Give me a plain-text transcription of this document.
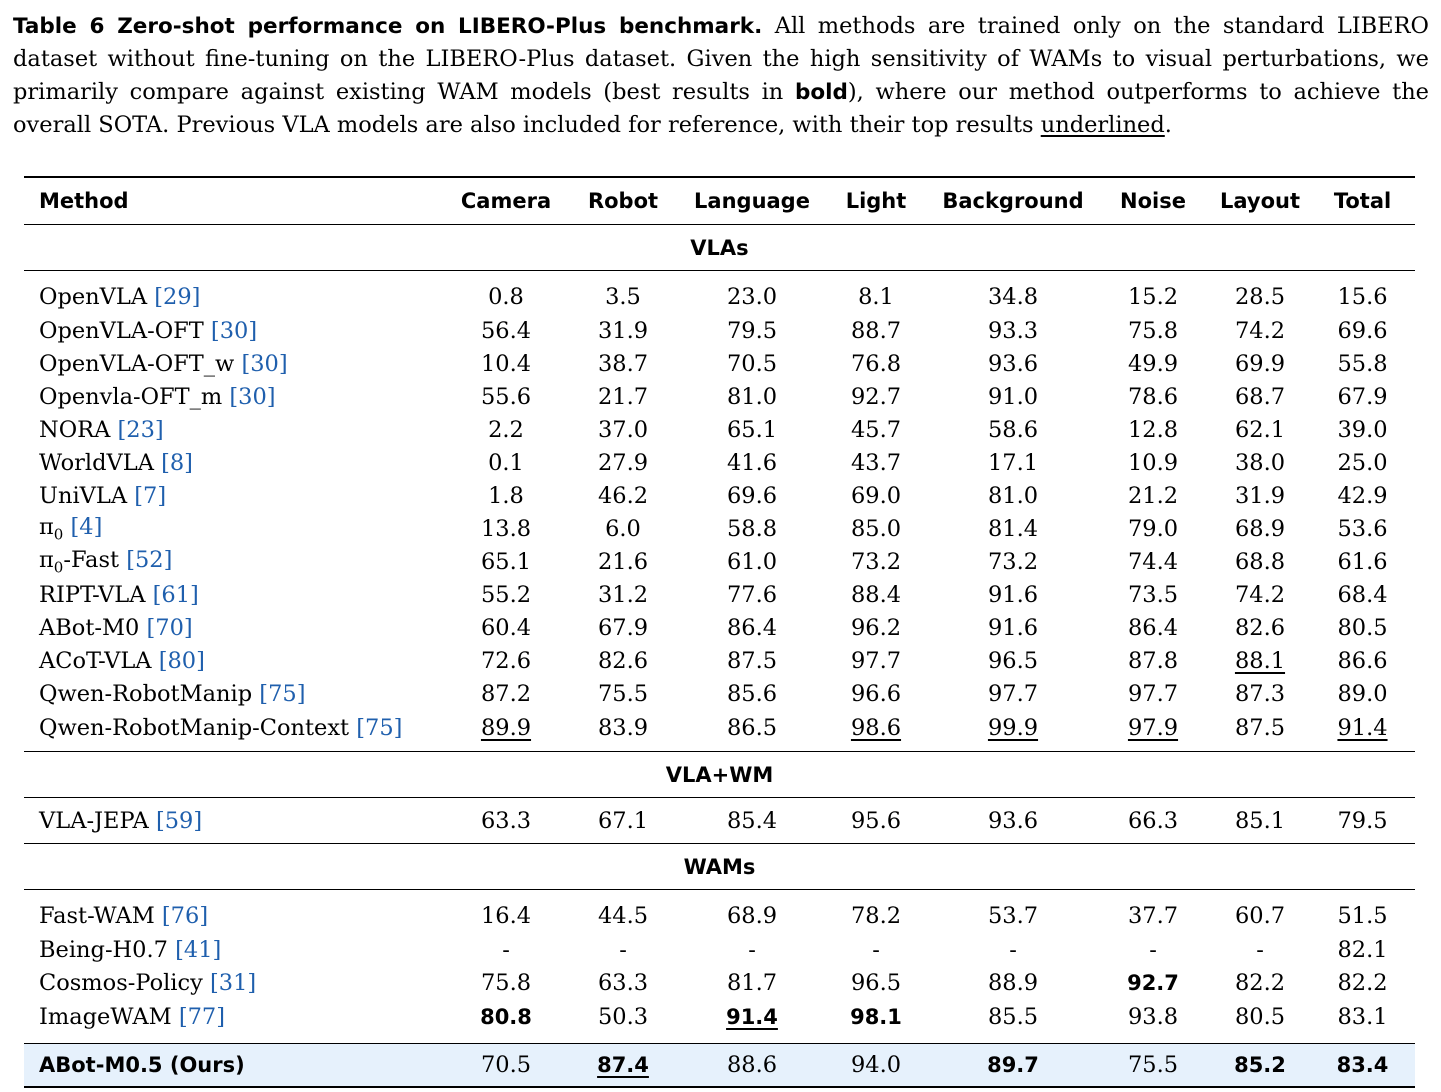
Table 6 Zero-shot performance on LIBERO-Plus benchmark. All methods are trained only on the standard LIBERO dataset without fine-tuning on the LIBERO-Plus dataset. Given the high sensitivity of WAMs to visual perturbations, we primarily compare against existing WAM models (best results in bold), where our method outperforms to achieve the overall SOTA. Previous VLA models are also included for reference, with their top results underlined.
Method	Camera	Robot	Language	Light	Background	Noise	Layout	Total
VLAs								
OpenVLA [29]	0.8	3.5	23.0	8.1	34.8	15.2	28.5	15.6
OpenVLA-OFT [30]	56.4	31.9	79.5	88.7	93.3	75.8	74.2	69.6
OpenVLA-OFT_w [30]	10.4	38.7	70.5	76.8	93.6	49.9	69.9	55.8
Openvla-OFT_m [30]	55.6	21.7	81.0	92.7	91.0	78.6	68.7	67.9
NORA [23]	2.2	37.0	65.1	45.7	58.6	12.8	62.1	39.0
WorldVLA [8]	0.1	27.9	41.6	43.7	17.1	10.9	38.0	25.0
UniVLA [7]	1.8	46.2	69.6	69.0	81.0	21.2	31.9	42.9
$\pi_0$ [4]	13.8	6.0	58.8	85.0	81.4	79.0	68.9	53.6
$\pi_0$-Fast [52]	65.1	21.6	61.0	73.2	73.2	74.4	68.8	61.6
RIPT-VLA [61]	55.2	31.2	77.6	88.4	91.6	73.5	74.2	68.4
ABot-M0 [70]	60.4	67.9	86.4	96.2	91.6	86.4	82.6	80.5
ACoT-VLA [80]	72.6	82.6	87.5	97.7	96.5	87.8	88.1	86.6
Qwen-RobotManip [75]	87.2	75.5	85.6	96.6	97.7	97.7	87.3	89.0
Qwen-RobotManip-Context [75]	89.9	83.9	86.5	98.6	99.9	97.9	87.5	91.4
VLA+WM								
VLA-JEPA [59]	63.3	67.1	85.4	95.6	93.6	66.3	85.1	79.5
WAMs								
Fast-WAM [76]	16.4	44.5	68.9	78.2	53.7	37.7	60.7	51.5
Being-H0.7 [41]	-	-	-	-	-	-	-	82.1
Cosmos-Policy [31]	75.8	63.3	81.7	96.5	88.9	92.7	82.2	82.2
ImageWAM [77]	80.8	50.3	91.4	98.1	85.5	93.8	80.5	83.1

ABot-M0.5 (Ours)	70.5	87.4	88.6	94.0	89.7	75.5	85.2	83.4
